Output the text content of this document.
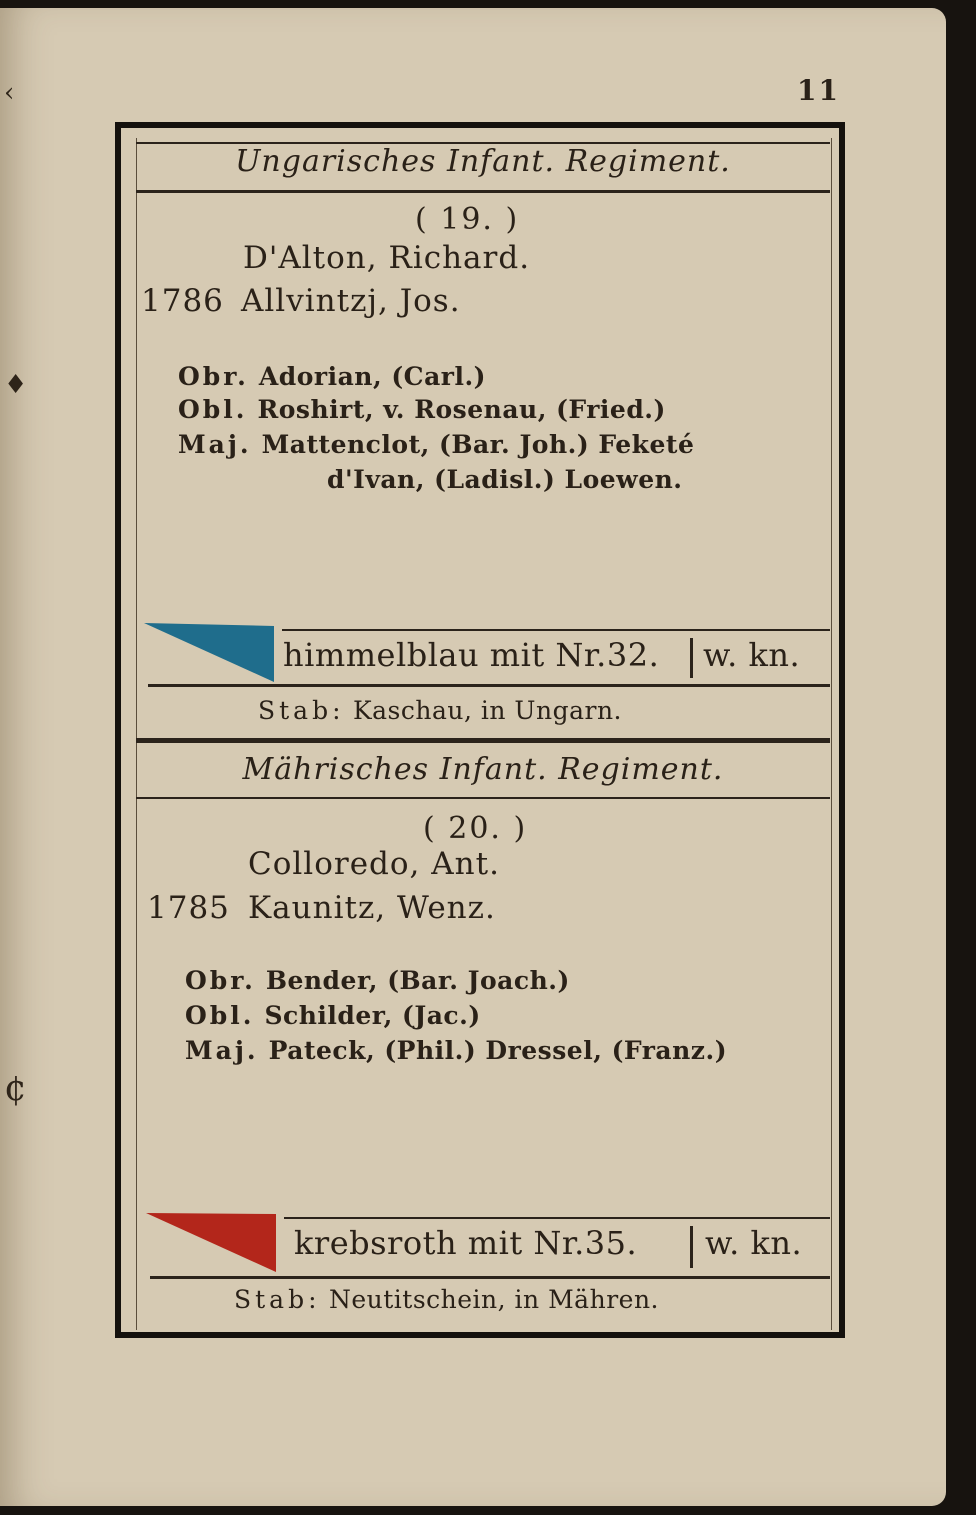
‹
♦
¢
11
Ungarisches Infant. Regiment.
( 19. )
D'Alton, Richard.
1786 Allvintzj, Jos.
Obr. Adorian, (Carl.)
Obl. Roshirt, v. Rosenau, (Fried.)
Maj. Mattenclot, (Bar. Joh.) Feketé
d'Ivan, (Ladisl.) Loewen.
himmelblau mit Nr.32. w. kn.
Stab: Kaschau, in Ungarn.
Mährisches Infant. Regiment.
( 20. )
Colloredo, Ant.
1785 Kaunitz, Wenz.
Obr. Bender, (Bar. Joach.)
Obl. Schilder, (Jac.)
Maj. Pateck, (Phil.) Dressel, (Franz.)
krebsroth mit Nr.35. w. kn.
Stab: Neutitschein, in Mähren.
